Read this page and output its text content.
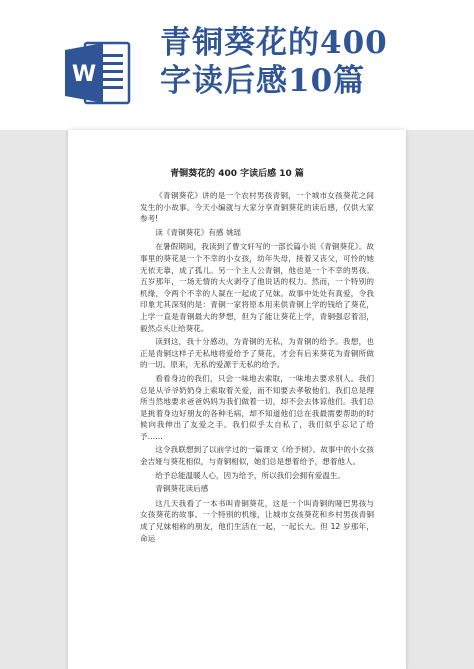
W
青铜葵花的400
字读后感10篇
青铜葵花的 400 字读后感 10 篇

《青铜葵花》讲的是一个农村男孩青铜，一个城市女孩葵花之间发生的小故事。今天小编就与大家分享青铜葵花的读后感，仅供大家参考!

读《青铜葵花》有感 姚瑶

在暑假期间，我读到了曹文轩写的一部长篇小说《青铜葵花》。故事里的葵花是一个不幸的小女孩，幼年失母，接着又丧父，可怜的她无依无靠，成了孤儿。另一个主人公青铜，他也是一个不幸的男孩。五岁那年，一场无情的大火剥夺了他说话的权力。然而，一个特别的机缘，令两个不幸的人凝在一起成了兄妹。故事中处处有真爱，令我印象尤其深刻的是：青铜一家将原本用来供青铜上学的钱给了葵花，上学一直是青铜最大的梦想，但为了能让葵花上学，青铜强忍着泪，毅然点头让给葵花。

读到这，我十分感动，为青铜的无私，为青铜的给予。我想，也正是青铜这样子无私地将爱给予了葵花，才会有后来葵花为青铜所做的一切。原来，无私的爱源于无私的给予。

看看身边的我们，只会一味地去索取，一味地去要求别人。我们总是从爷爷奶奶身上索取着关爱，而不知要去孝敬他们。我们总是理所当然地要求爸爸妈妈为我们做着一切，却不会去体谅他们。我们总是挑着身边好朋友的各种毛病，却不知道他们总在我最需要帮助的时候向我伸出了友爱之手。我们似乎太自私了，我们似乎忘记了给予……

这令我联想到了以前学过的一篇课文《给予树》。故事中的小女孩金吉娅与葵花相似，与青铜相似，她们总是想着给予，想着他人。

给予总能温暖人心，因为给予，所以我们会拥有爱温生。

青铜葵花读后感

这几天我看了一本书叫青铜葵花，这是一个叫青铜的哑巴男孩与女孩葵花的故事。一个特别的机缘，让城市女孩葵花和乡村男孩青铜成了兄妹相称的朋友，他们生活在一起，一起长大。但 12 岁那年，命运
